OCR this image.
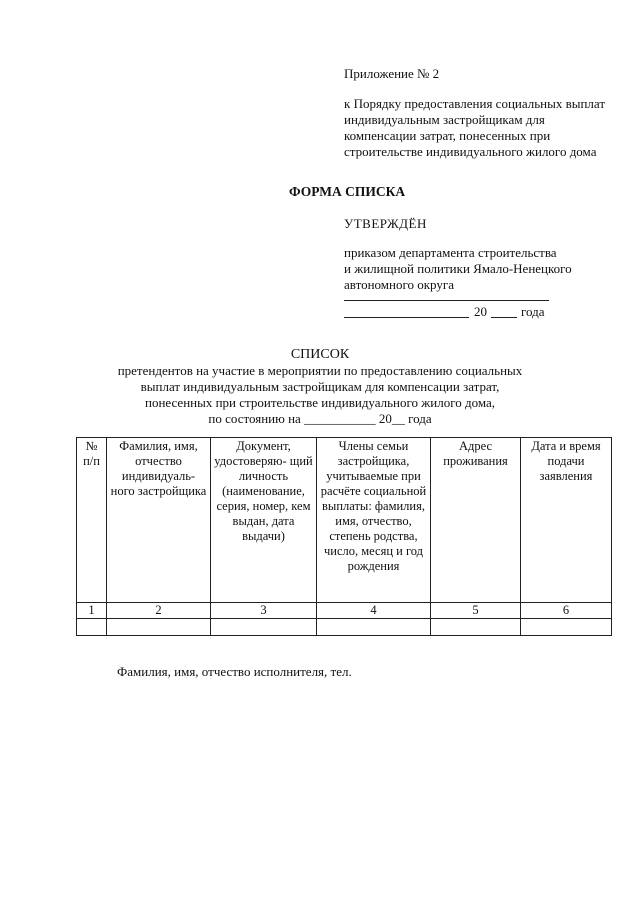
Приложение № 2
к Порядку предоставления социальных выплат
индивидуальным застройщикам для
компенсации затрат, понесенных при
строительстве индивидуального жилого дома
ФОРМА СПИСКА
УТВЕРЖДЁН
приказом департамента строительства
и жилищной политики Ямало-Ненецкого
автономного округа
20	года
СПИСОК
претендентов на участие в мероприятии по предоставлению социальных
выплат индивидуальным застройщикам для компенсации затрат,
понесенных при строительстве индивидуального жилого дома,
по состоянию на ___________ 20__ года
№ п/п	Фамилия, имя, отчество индивидуаль- ного застройщика	Документ, удостоверяю- щий личность (наименование, серия, номер, кем выдан, дата выдачи)	Члены семьи застройщика, учитываемые при расчёте социальной выплаты: фамилия, имя, отчество, степень родства, число, месяц и год рождения	Адрес проживания	Дата и время подачи заявления
1	2	3	4	5	6

Фамилия, имя, отчество исполнителя, тел.
